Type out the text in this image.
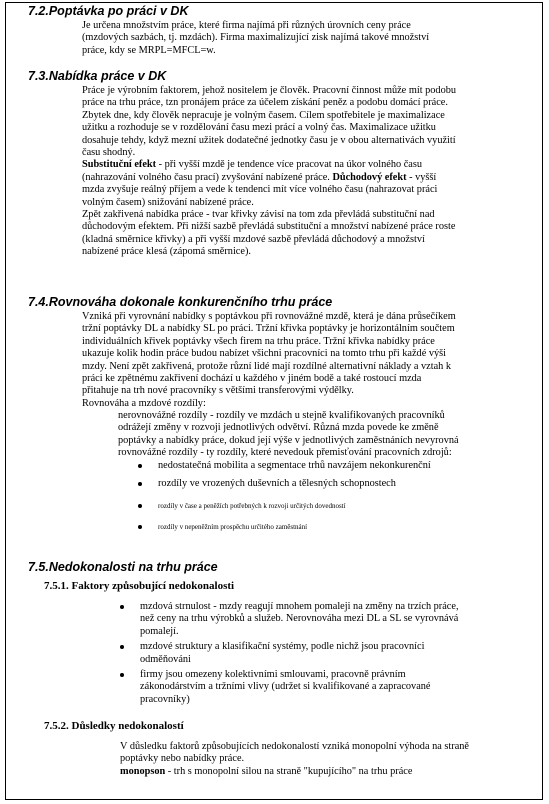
7.2.Poptávka po práci v DK
Je určena množstvím práce, které firma najímá při různých úrovních ceny práce
(mzdových sazbách, tj. mzdách). Firma maximalizující zisk najímá takové množství
práce, kdy se MRPL=MFCL=w.
7.3.Nabídka práce v DK
Práce je výrobním faktorem, jehož nositelem je člověk. Pracovní činnost může mít podobu
práce na trhu práce, tzn pronájem práce za účelem získání peněz a podobu domácí práce.
Zbytek dne, kdy člověk nepracuje je volným časem. Cílem spotřebitele je maximalizace
užitku a rozhoduje se v rozdělování času mezi prácí a volný čas. Maximalizace užitku
dosahuje tehdy, když mezní užitek dodatečné jednotky času je v obou alternativách využití
času shodný.
Substituční efekt - při vyšší mzdě je tendence více pracovat na úkor volného času
(nahrazování volného času prací) zvyšování nabízené práce. Důchodový efekt - vyšší
mzda zvyšuje reálný příjem a vede k tendenci mít více volného času (nahrazovat práci
volným časem) snižování nabízené práce.
Zpět zakřivená nabídka práce - tvar křivky závisí na tom zda převládá substituční nad
důchodovým efektem. Při nižší sazbě převládá substituční a množství nabízené práce roste
(kladná směrnice křivky) a při vyšší mzdové sazbě převládá důchodový a množství
nabízené práce klesá (zápomá směrnice).
7.4.Rovnováha dokonale konkurenčního trhu práce
Vzniká při vyrovnání nabídky s poptávkou při rovnovážné mzdě, která je dána průsečíkem
tržní poptávky DL a nabídky SL po práci. Tržní křivka poptávky je horizontálním součtem
individuálních křivek poptávky všech firem na trhu práce. Tržní křivka nabídky práce
ukazuje kolik hodin práce budou nabízet všichni pracovníci na tomto trhu při každé výši
mzdy. Není zpět zakřivená, protože různí lidé mají rozdílné alternativní náklady a vztah k
práci ke zpětnému zakřivení dochází u každého v jiném bodě a také rostoucí mzda
přitahuje na trh nové pracovníky s většími transferovými výdělky.
Rovnováha a mzdové rozdíly:
nerovnovážné rozdíly - rozdíly ve mzdách u stejně kvalifikovaných pracovníků
odrážejí změny v rozvoji jednotlivých odvětví. Různá mzda povede ke změně
poptávky a nabídky práce, dokud její výše v jednotlivých zaměstnáních nevyrovná
rovnovážné rozdíly - ty rozdíly, které nevedouk přemisťování pracovních zdrojů:
nedostatečná mobilita a segmentace trhů navzájem nekonkurenční
rozdíly ve vrozených duševních a tělesných schopnostech
rozdíly v čase a peněžích potřebných k rozvoji určitých dovedností
rozdíly v nepeněžním prospěchu určitého zaměstnání
7.5.Nedokonalosti na trhu práce
7.5.1. Faktory způsobující nedokonalosti
mzdová strnulost - mzdy reagují mnohem pomaleji na změny na trzích práce,
než ceny na trhu výrobků a služeb. Nerovnováha mezi DL a SL se vyrovnává
pomalejí.
mzdové struktury a klasifikační systémy, podle nichž jsou pracovníci
odměňováni
firmy jsou omezeny kolektivními smlouvami, pracovně právním
zákonodárstvím a tržními vlivy (udržet si kvalifikované a zapracované
pracovníky)
7.5.2. Důsledky nedokonalostí
V důsledku faktorů způsobujících nedokonalostí vzniká monopolní výhoda na straně
poptávky nebo nabídky práce.
monopson - trh s monopolní silou na straně "kupujícího" na trhu práce
